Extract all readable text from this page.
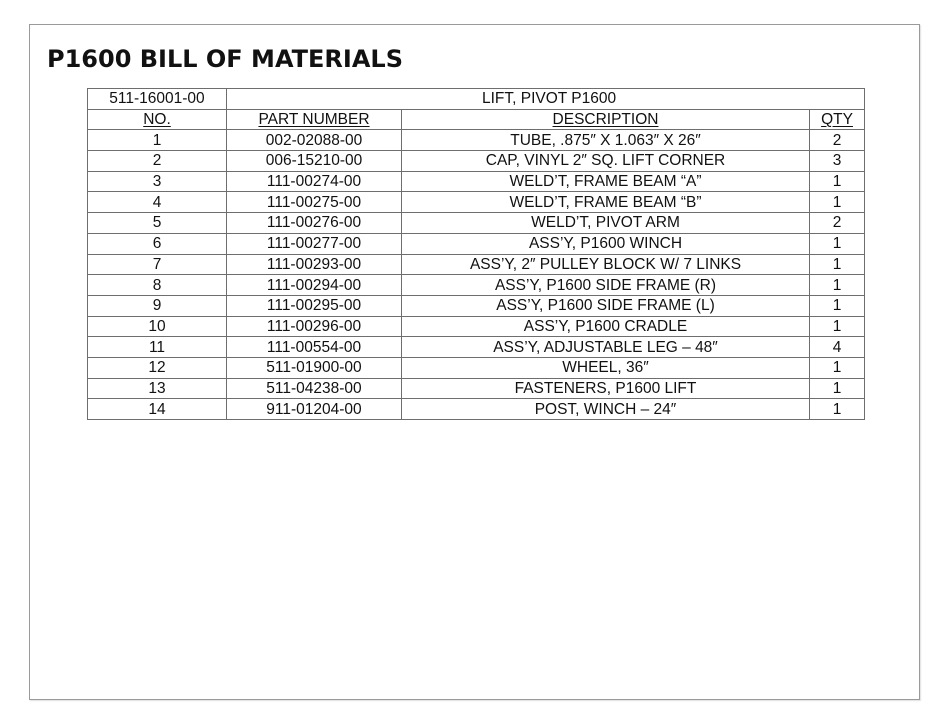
P1600 BILL OF MATERIALS
511-16001-00	LIFT, PIVOT P1600		
NO.	PART NUMBER	DESCRIPTION	QTY
1	002-02088-00	TUBE, .875″ X 1.063″ X 26″	2
2	006-15210-00	CAP, VINYL 2″ SQ. LIFT CORNER	3
3	111-00274-00	WELD’T, FRAME BEAM “A”	1
4	111-00275-00	WELD’T, FRAME BEAM “B”	1
5	111-00276-00	WELD’T, PIVOT ARM	2
6	111-00277-00	ASS’Y, P1600 WINCH	1
7	111-00293-00	ASS’Y, 2″ PULLEY BLOCK W/ 7 LINKS	1
8	111-00294-00	ASS’Y, P1600 SIDE FRAME (R)	1
9	111-00295-00	ASS’Y, P1600 SIDE FRAME (L)	1
10	111-00296-00	ASS’Y, P1600 CRADLE	1
11	111-00554-00	ASS’Y, ADJUSTABLE LEG – 48″	4
12	511-01900-00	WHEEL, 36″	1
13	511-04238-00	FASTENERS, P1600 LIFT	1
14	911-01204-00	POST, WINCH – 24″	1
